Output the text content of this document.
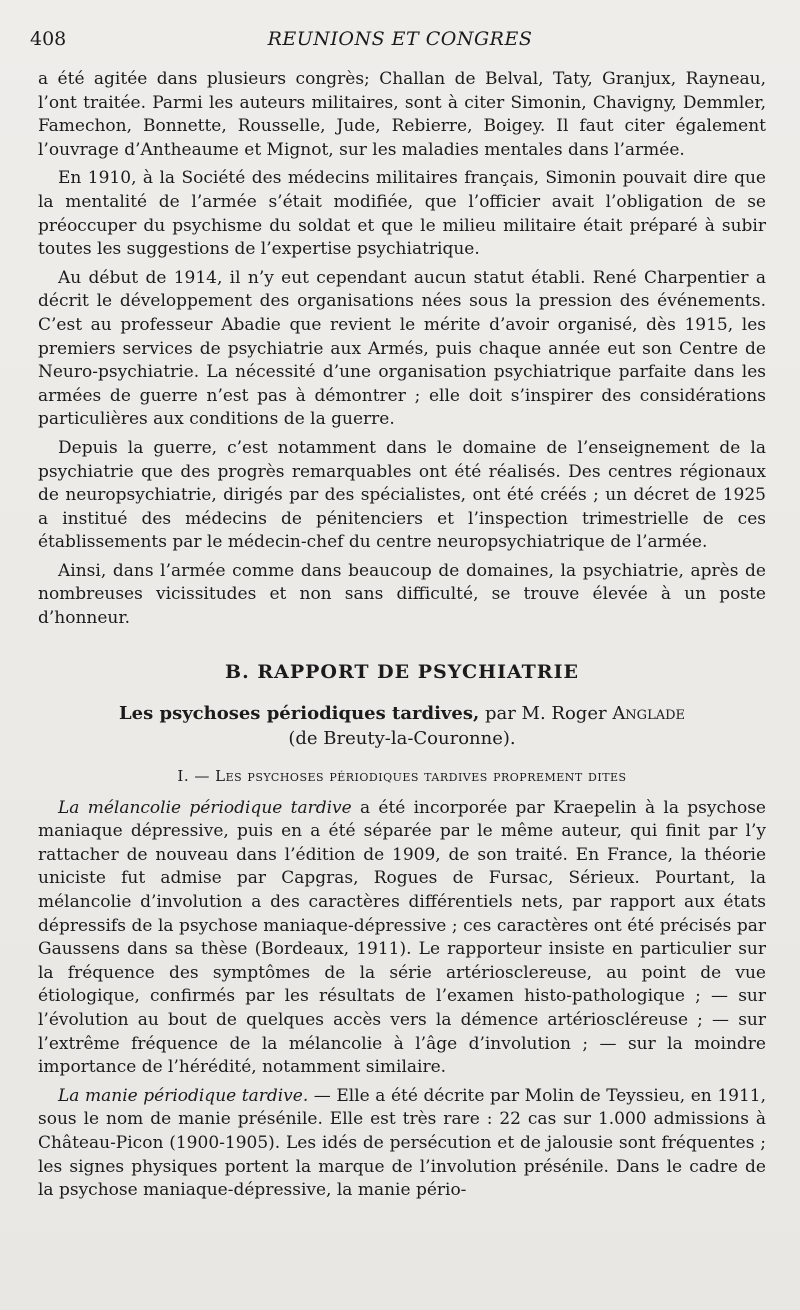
408	REUNIONS ET CONGRES

a été agitée dans plusieurs congrès; Challan de Belval, Taty, Granjux, Rayneau, l’ont traitée. Parmi les auteurs militaires, sont à citer Simonin, Chavigny, Demmler, Famechon, Bonnette, Rousselle, Jude, Rebierre, Boigey. Il faut citer également l’ouvrage d’Antheaume et Mignot, sur les maladies mentales dans l’armée.

En 1910, à la Société des médecins militaires français, Simonin pouvait dire que la mentalité de l’armée s’était modifiée, que l’officier avait l’obligation de se préoccuper du psychisme du soldat et que le milieu militaire était préparé à subir toutes les suggestions de l’expertise psychiatrique.

Au début de 1914, il n’y eut cependant aucun statut établi. René Charpentier a décrit le développement des organisations nées sous la pression des événements. C’est au professeur Abadie que revient le mérite d’avoir organisé, dès 1915, les premiers services de psychiatrie aux Armés, puis chaque année eut son Centre de Neuro-psychiatrie. La nécessité d’une organisation psychiatrique parfaite dans les armées de guerre n’est pas à démontrer ; elle doit s’inspirer des considérations particulières aux conditions de la guerre.

Depuis la guerre, c’est notamment dans le domaine de l’enseignement de la psychiatrie que des progrès remarquables ont été réalisés. Des centres régionaux de neuropsychiatrie, dirigés par des spécialistes, ont été créés ; un décret de 1925 a institué des médecins de pénitenciers et l’inspection trimestrielle de ces établissements par le médecin-chef du centre neuropsychiatrique de l’armée.

Ainsi, dans l’armée comme dans beaucoup de domaines, la psychiatrie, après de nombreuses vicissitudes et non sans difficulté, se trouve élevée à un poste d’honneur.

B. RAPPORT DE PSYCHIATRIE
Les psychoses périodiques tardives, par M. Roger Anglade
(de Breuty-la-Couronne).
I. — Les psychoses périodiques tardives proprement dites

La mélancolie périodique tardive a été incorporée par Kraepelin à la psychose maniaque dépressive, puis en a été séparée par le même auteur, qui finit par l’y rattacher de nouveau dans l’édition de 1909, de son traité. En France, la théorie uniciste fut admise par Capgras, Rogues de Fursac, Sérieux. Pourtant, la mélancolie d’involution a des caractères différentiels nets, par rapport aux états dépressifs de la psychose maniaque-dépressive ; ces caractères ont été précisés par Gaussens dans sa thèse (Bordeaux, 1911). Le rapporteur insiste en particulier sur la fréquence des symptômes de la série artériosclereuse, au point de vue étiologique, confirmés par les résultats de l’examen histo-pathologique ; — sur l’évolution au bout de quelques accès vers la démence artérioscléreuse ; — sur l’extrême fréquence de la mélancolie à l’âge d’involution ; — sur la moindre importance de l’hérédité, notamment similaire.

La manie périodique tardive. — Elle a été décrite par Molin de Teyssieu, en 1911, sous le nom de manie présénile. Elle est très rare : 22 cas sur 1.000 admissions à Château-Picon (1900-1905). Les idés de persécution et de jalousie sont fréquentes ; les signes physiques portent la marque de l’involution présénile. Dans le cadre de la psychose maniaque-dépressive, la manie pério-
